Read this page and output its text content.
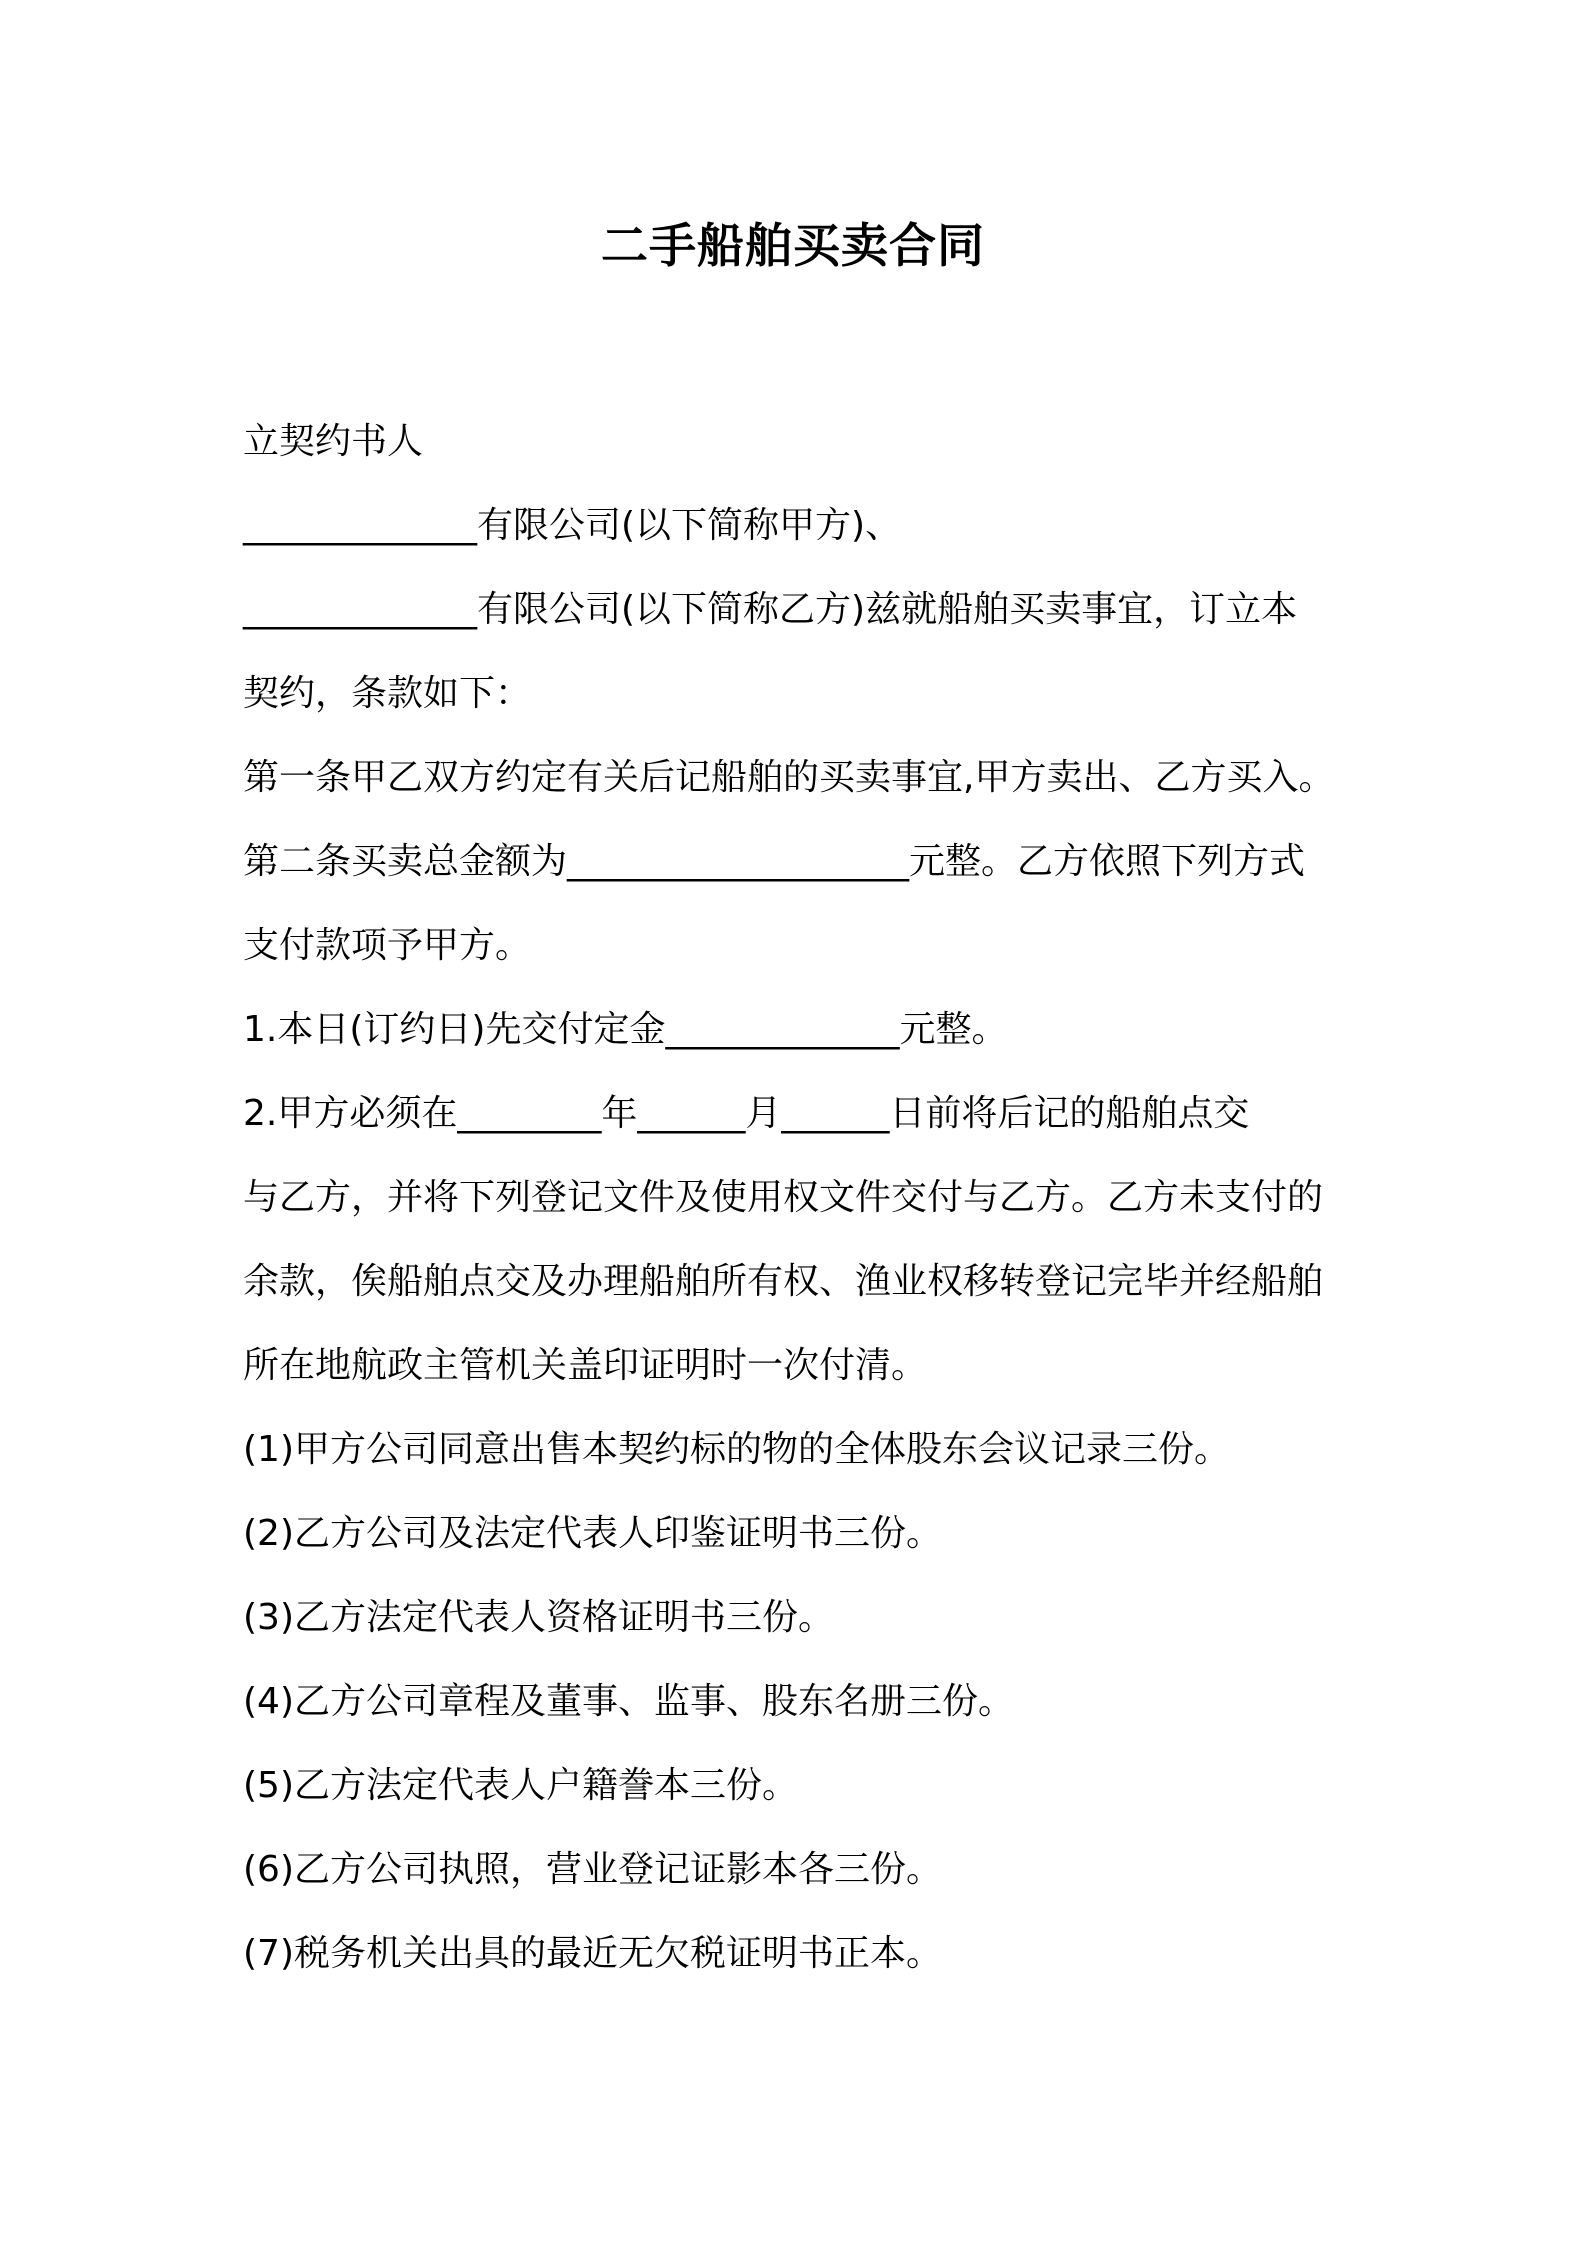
二手船舶买卖合同
立契约书人
_____________有限公司(以下简称甲方)、
_____________有限公司(以下简称乙方)兹就船舶买卖事宜，订立本
契约，条款如下：
第一条甲乙双方约定有关后记船舶的买卖事宜,甲方卖出、乙方买入。
第二条买卖总金额为___________________元整。乙方依照下列方式
支付款项予甲方。
1.本日(订约日)先交付定金_____________元整。
2.甲方必须在________年______月______日前将后记的船舶点交
与乙方，并将下列登记文件及使用权文件交付与乙方。乙方未支付的
余款，俟船舶点交及办理船舶所有权、渔业权移转登记完毕并经船舶
所在地航政主管机关盖印证明时一次付清。
(1)甲方公司同意出售本契约标的物的全体股东会议记录三份。
(2)乙方公司及法定代表人印鉴证明书三份。
(3)乙方法定代表人资格证明书三份。
(4)乙方公司章程及董事、监事、股东名册三份。
(5)乙方法定代表人户籍誊本三份。
(6)乙方公司执照，营业登记证影本各三份。
(7)税务机关出具的最近无欠税证明书正本。
